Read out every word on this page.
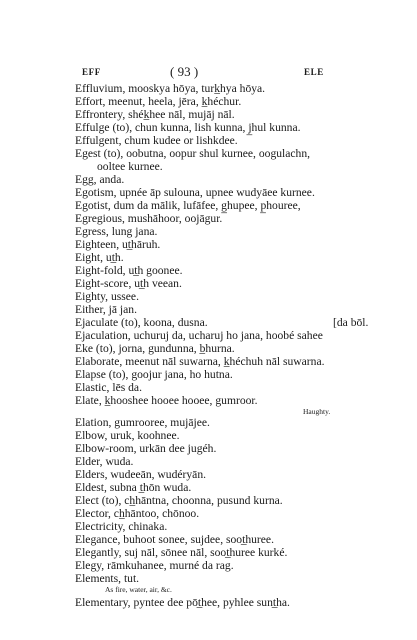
EFF	( 93 )	ELE
Effluvium, mooskya hōya, turk̲hya hōya.
Effort, meenut, heela, jēra, k̲héchur.
Effrontery, shék̲hee nāl, mujāj nāl.
Effulge (to), chun kunna, lish kunna, j̲hul kunna.
Effulgent, chum kudee or lishkdee.
Egest (to), oobutna, oopur shul kurnee, oogulachn,
ooltee kurnee.
Egg, anda.
Egotism, upnée āp sulouna, upnee wudyāee kurnee.
Egotist, dum da mālik, lufāfee, g̲hupee, p̲houree,
Egregious, mushāhoor, oojāgur.
Egress, lung jana.
Eighteen, ut̲hāruh.
Eight, ut̲h.
Eight-fold, ut̲h goonee.
Eight-score, ut̲h veean.
Eighty, ussee.
Either, jā jan.
Ejaculate (to), koona, dusna.	[da bōl.
Ejaculation, uchuruj da, ucharuj ho jana, hoobé sahee
Eke (to), jorna, gundunna, b̲hurna.
Elaborate, meenut nāl suwarna, k̲héchuh nāl suwarna.
Elapse (to), goojur jana, ho hutna.
Elastic, lēs da.
Elate, k̲hooshee hooee hooee, gumroor.
Haughty.
Elation, gumrooree, mujājee.
Elbow, uruk, koohnee.
Elbow-room, urkān dee jugéh.
Elder, wuda.
Elders, wudeeān, wudéryān.
Eldest, subna t̲hōn wuda.
Elect (to), ch̲hāntna, choonna, pusund kurna.
Elector, ch̲hāntoo, chōnoo.
Electricity, chinaka.
Elegance, buhoot sonee, sujdee, soot̲huree.
Elegantly, suj nāl, sōnee nāl, soot̲huree kurké.
Elegy, rāmkuhanee, murné da rag.
Elements, tut.
As fire, water, air, &c.
Elementary, pyntee dee pōt̲hee, pyhlee sunt̲ha.
